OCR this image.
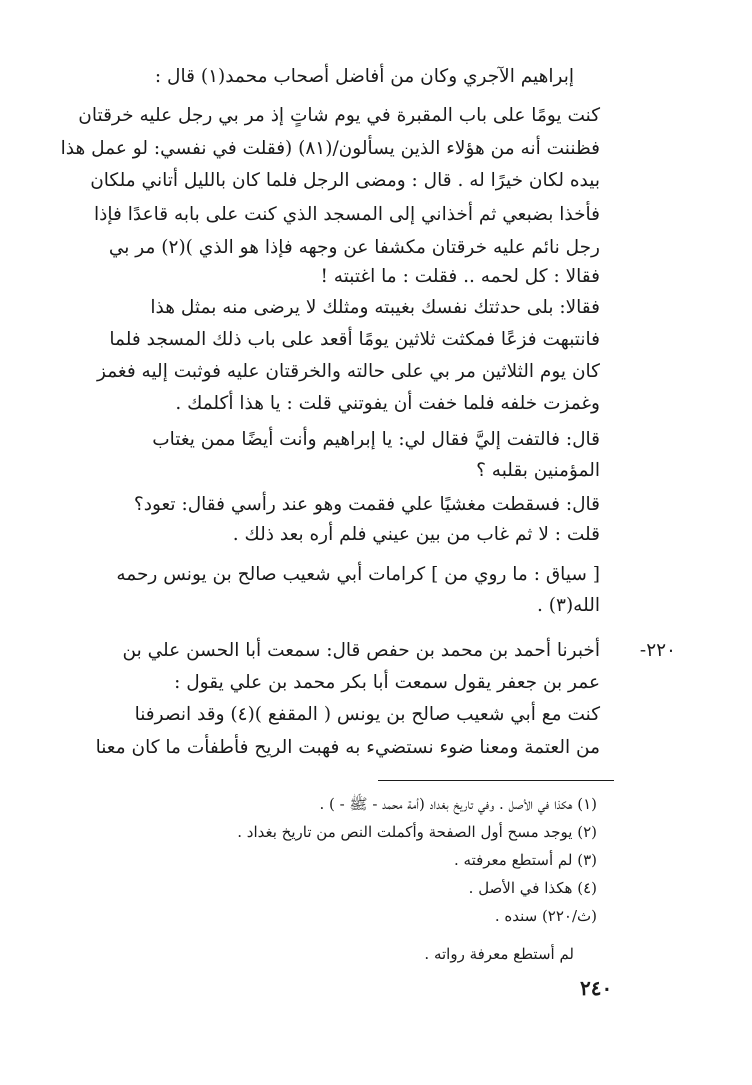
إبراهيم الآجري وكان من أفاضل أصحاب محمد(١) قال :
كنت يومًا على باب المقبرة في يوم شاتٍ إذ مر بي رجل عليه خرقتان
فظننت أنه من هؤلاء الذين يسألون/(٨١) (فقلت في نفسي: لو عمل هذا
بيده لكان خيرًا له . قال : ومضى الرجل فلما كان بالليل أتاني ملكان
فأخذا بضبعي ثم أخذاني إلى المسجد الذي كنت على بابه قاعدًا فإذا
رجل نائم عليه خرقتان مكشفا عن وجهه فإذا هو الذي )(٢) مر بي
فقالا : كل لحمه .. فقلت : ما اغتبته !
فقالا: بلى حدثتك نفسك بغيبته ومثلك لا يرضى منه بمثل هذا
فانتبهت فزعًا فمكثت ثلاثين يومًا أقعد على باب ذلك المسجد فلما
كان يوم الثلاثين مر بي على حالته والخرقتان عليه فوثبت إليه فغمز
وغمزت خلفه فلما خفت أن يفوتني قلت : يا هذا أكلمك .
قال: فالتفت إليَّ فقال لي: يا إبراهيم وأنت أيضًا ممن يغتاب
المؤمنين بقلبه ؟
قال: فسقطت مغشيًا علي فقمت وهو عند رأسي فقال: تعود؟
قلت : لا ثم غاب من بين عيني فلم أره بعد ذلك .
[ سياق : ما روي من ] كرامات أبي شعيب صالح بن يونس رحمه
الله(٣) .
٢٢٠-
أخبرنا أحمد بن محمد بن حفص قال: سمعت أبا الحسن علي بن
عمر بن جعفر يقول سمعت أبا بكر محمد بن علي يقول :
كنت مع أبي شعيب صالح بن يونس ( المقفع )(٤) وقد انصرفنا
من العتمة ومعنا ضوء نستضيء به فهبت الريح فأطفأت ما كان معنا
(١) هكذا في الأصل . وفي تاريخ بغداد (أمة محمد - ﷺ - ) .
(٢) يوجد مسح أول الصفحة وأكملت النص من تاريخ بغداد .
(٣) لم أستطع معرفته .
(٤) هكذا في الأصل .
(ث/٢٢٠) سنده .
لم أستطع معرفة رواته .
٢٤٠
